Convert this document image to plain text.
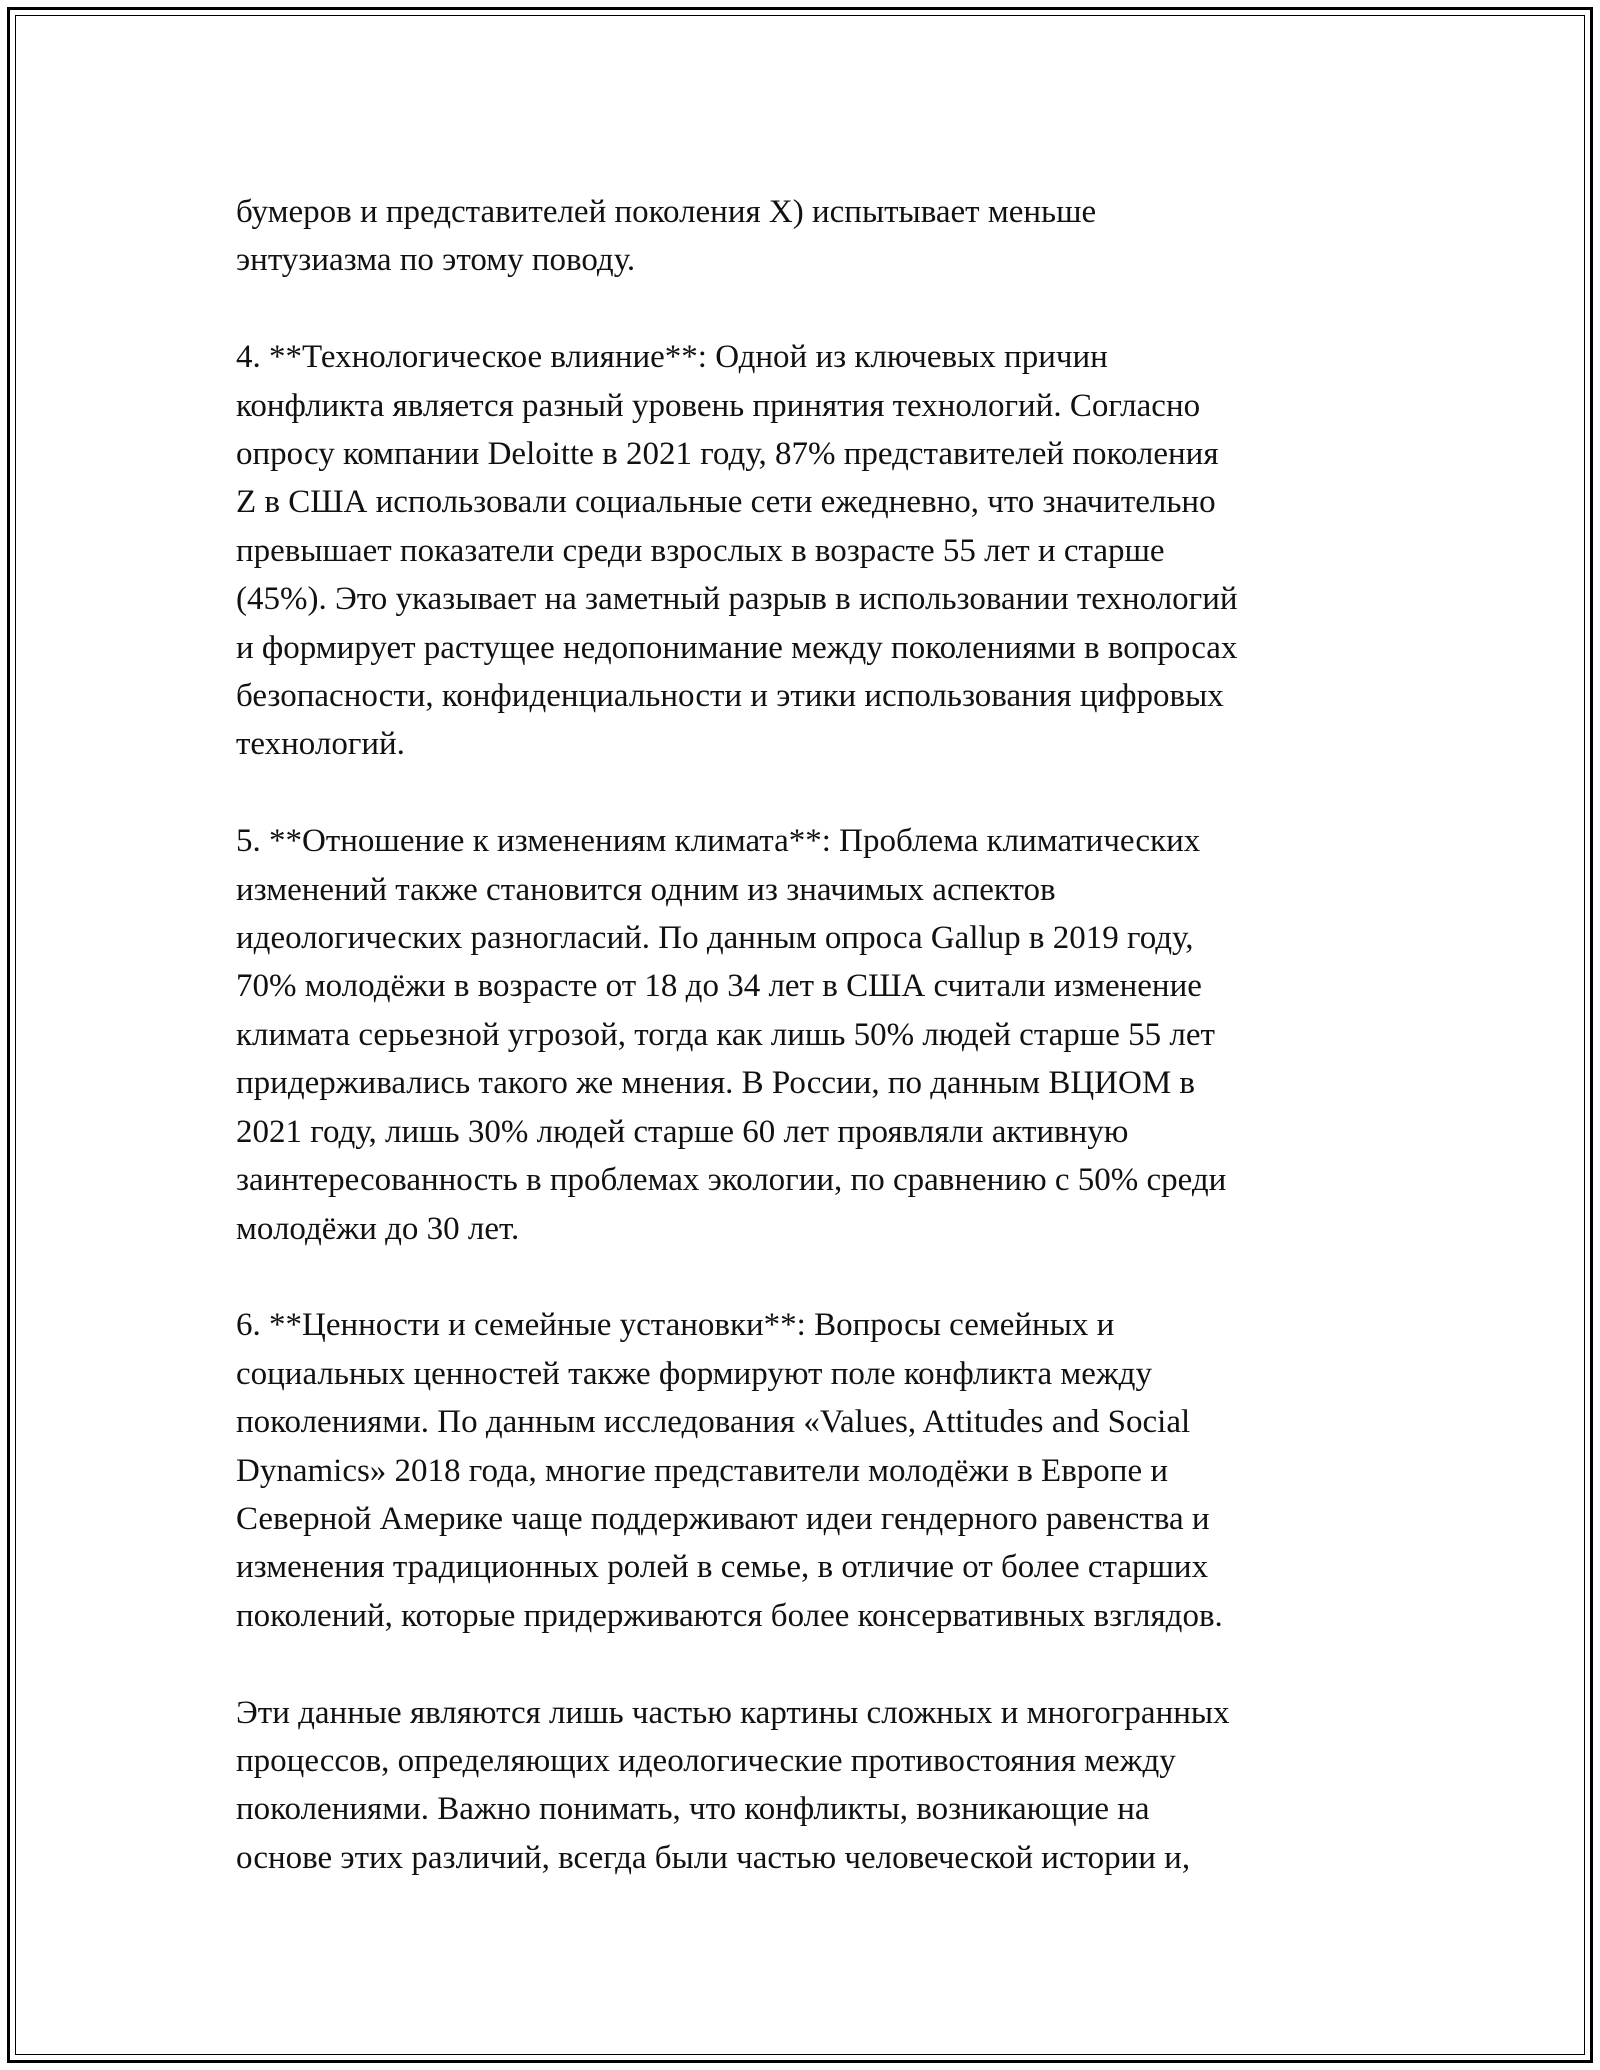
бумеров и представителей поколения X) испытывает меньше
энтузиазма по этому поводу.

4. **Технологическое влияние**: Одной из ключевых причин
конфликта является разный уровень принятия технологий. Согласно
опросу компании Deloitte в 2021 году, 87% представителей поколения
Z в США использовали социальные сети ежедневно, что значительно
превышает показатели среди взрослых в возрасте 55 лет и старше
(45%). Это указывает на заметный разрыв в использовании технологий
и формирует растущее недопонимание между поколениями в вопросах
безопасности, конфиденциальности и этики использования цифровых
технологий.

5. **Отношение к изменениям климата**: Проблема климатических
изменений также становится одним из значимых аспектов
идеологических разногласий. По данным опроса Gallup в 2019 году,
70% молодёжи в возрасте от 18 до 34 лет в США считали изменение
климата серьезной угрозой, тогда как лишь 50% людей старше 55 лет
придерживались такого же мнения. В России, по данным ВЦИОМ в
2021 году, лишь 30% людей старше 60 лет проявляли активную
заинтересованность в проблемах экологии, по сравнению с 50% среди
молодёжи до 30 лет.

6. **Ценности и семейные установки**: Вопросы семейных и
социальных ценностей также формируют поле конфликта между
поколениями. По данным исследования «Values, Attitudes and Social
Dynamics» 2018 года, многие представители молодёжи в Европе и
Северной Америке чаще поддерживают идеи гендерного равенства и
изменения традиционных ролей в семье, в отличие от более старших
поколений, которые придерживаются более консервативных взглядов.

Эти данные являются лишь частью картины сложных и многогранных
процессов, определяющих идеологические противостояния между
поколениями. Важно понимать, что конфликты, возникающие на
основе этих различий, всегда были частью человеческой истории и,
